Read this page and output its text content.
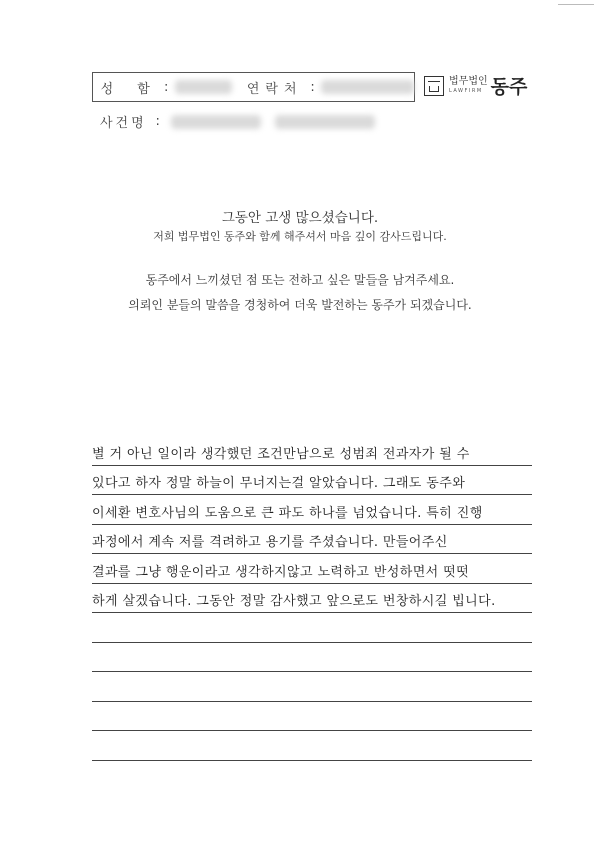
성 함 :	연락처 :	법무법인
LAWFIRM 동주
사건명 :
그동안 고생 많으셨습니다.
저희 법무법인 동주와 함께 해주셔서 마음 깊이 감사드립니다.
동주에서 느끼셨던 점 또는 전하고 싶은 말들을 남겨주세요.
의뢰인 분들의 말씀을 경청하여 더욱 발전하는 동주가 되겠습니다.
별 거 아닌 일이라 생각했던 조건만남으로 성범죄 전과자가 될 수
있다고 하자 정말 하늘이 무너지는걸 알았습니다. 그래도 동주와
이세환 변호사님의 도움으로 큰 파도 하나를 넘었습니다. 특히 진행
과정에서 계속 저를 격려하고 용기를 주셨습니다. 만들어주신
결과를 그냥 행운이라고 생각하지않고 노력하고 반성하면서 떳떳
하게 살겠습니다. 그동안 정말 감사했고 앞으로도 번창하시길 빕니다.
